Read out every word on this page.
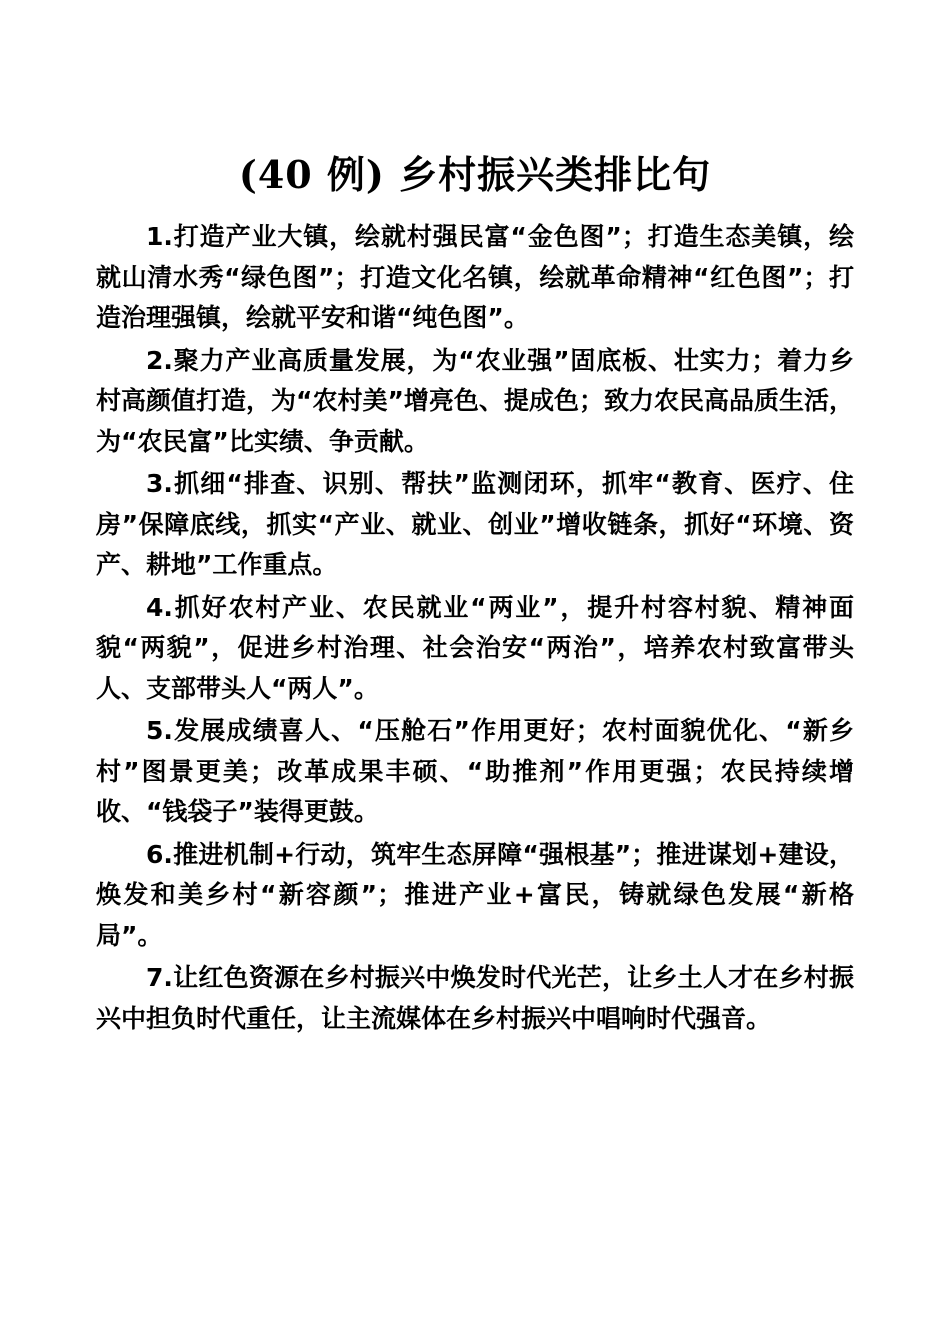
(40 例) 乡村振兴类排比句

1.打造产业大镇，绘就村强民富“金色图”；打造生态美镇，绘就山清水秀“绿色图”；打造文化名镇，绘就革命精神“红色图”；打造治理强镇，绘就平安和谐“纯色图”。

2.聚力产业高质量发展，为“农业强”固底板、壮实力；着力乡村高颜值打造，为“农村美”增亮色、提成色；致力农民高品质生活，为“农民富”比实绩、争贡献。

3.抓细“排查、识别、帮扶”监测闭环，抓牢“教育、医疗、住房”保障底线，抓实“产业、就业、创业”增收链条，抓好“环境、资产、耕地”工作重点。

4.抓好农村产业、农民就业“两业”，提升村容村貌、精神面貌“两貌”，促进乡村治理、社会治安“两治”，培养农村致富带头人、支部带头人“两人”。

5.发展成绩喜人、“压舱石”作用更好；农村面貌优化、“新乡村”图景更美；改革成果丰硕、“助推剂”作用更强；农民持续增收、“钱袋子”装得更鼓。

6.推进机制+行动，筑牢生态屏障“强根基”；推进谋划+建设，焕发和美乡村“新容颜”；推进产业+富民，铸就绿色发展“新格局”。

7.让红色资源在乡村振兴中焕发时代光芒，让乡土人才在乡村振兴中担负时代重任，让主流媒体在乡村振兴中唱响时代强音。
